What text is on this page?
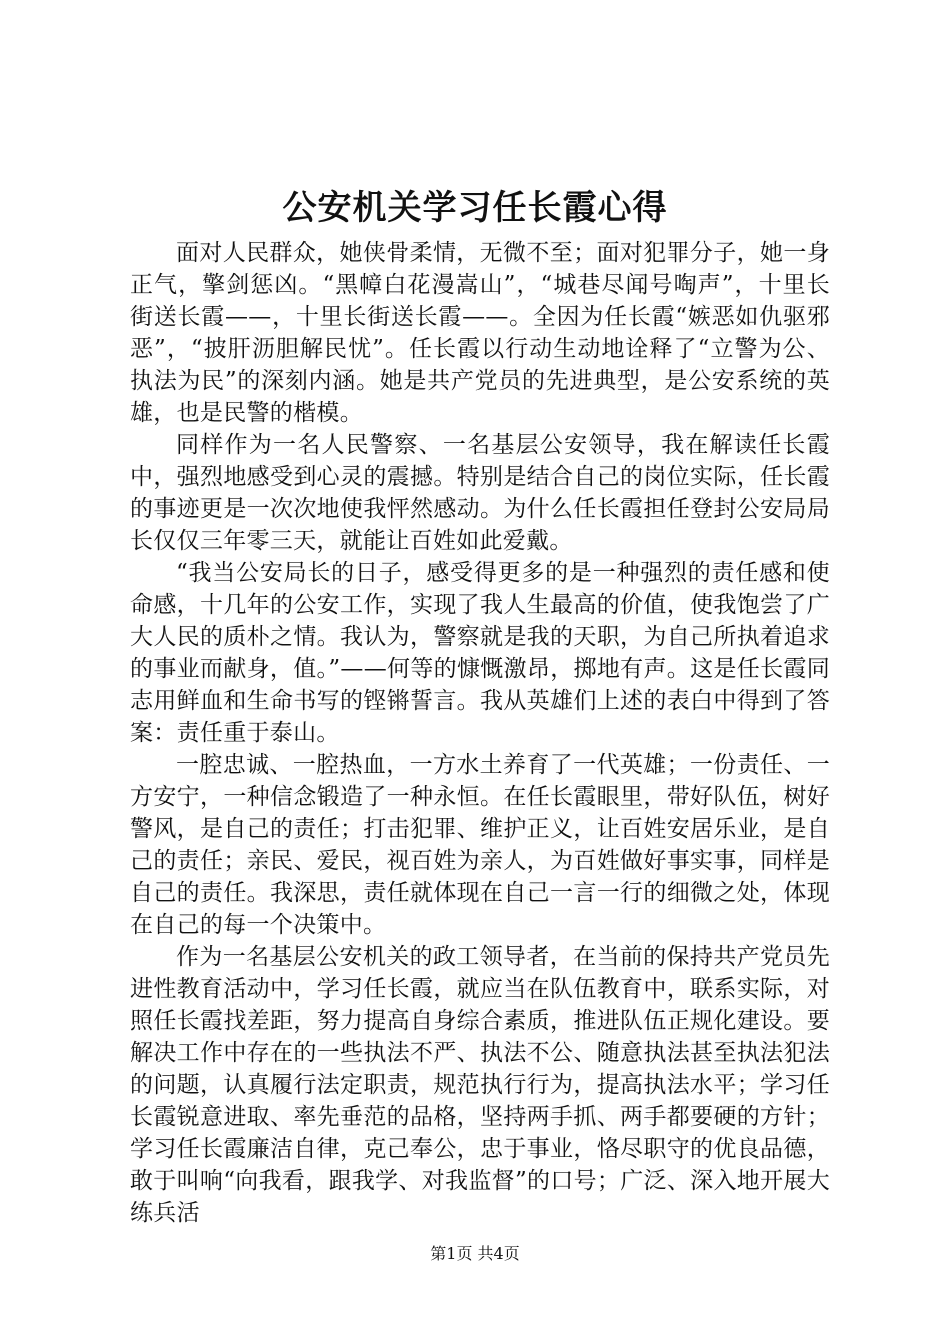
公安机关学习任长霞心得

面对人民群众，她侠骨柔情，无微不至；面对犯罪分子，她一身正气，擎剑惩凶。“黑幛白花漫嵩山”，“城巷尽闻号啕声”，十里长街送长霞——，十里长街送长霞——。全因为任长霞“嫉恶如仇驱邪恶”，“披肝沥胆解民忧”。任长霞以行动生动地诠释了“立警为公、执法为民”的深刻内涵。她是共产党员的先进典型，是公安系统的英雄，也是民警的楷模。

同样作为一名人民警察、一名基层公安领导，我在解读任长霞中，强烈地感受到心灵的震撼。特别是结合自己的岗位实际，任长霞的事迹更是一次次地使我怦然感动。为什么任长霞担任登封公安局局长仅仅三年零三天，就能让百姓如此爱戴。

“我当公安局长的日子，感受得更多的是一种强烈的责任感和使命感，十几年的公安工作，实现了我人生最高的价值，使我饱尝了广大人民的质朴之情。我认为，警察就是我的天职，为自己所执着追求的事业而献身，值。”——何等的慷慨激昂，掷地有声。这是任长霞同志用鲜血和生命书写的铿锵誓言。我从英雄们上述的表白中得到了答案：责任重于泰山。

一腔忠诚、一腔热血，一方水土养育了一代英雄；一份责任、一方安宁，一种信念锻造了一种永恒。在任长霞眼里，带好队伍，树好警风，是自己的责任；打击犯罪、维护正义，让百姓安居乐业，是自己的责任；亲民、爱民，视百姓为亲人，为百姓做好事实事，同样是自己的责任。我深思，责任就体现在自己一言一行的细微之处，体现在自己的每一个决策中。

作为一名基层公安机关的政工领导者，在当前的保持共产党员先进性教育活动中，学习任长霞，就应当在队伍教育中，联系实际，对照任长霞找差距，努力提高自身综合素质，推进队伍正规化建设。要解决工作中存在的一些执法不严、执法不公、随意执法甚至执法犯法的问题，认真履行法定职责，规范执行行为，提高执法水平；学习任长霞锐意进取、率先垂范的品格，坚持两手抓、两手都要硬的方针；学习任长霞廉洁自律，克己奉公，忠于事业，恪尽职守的优良品德，敢于叫响“向我看，跟我学、对我监督”的口号；广泛、深入地开展大练兵活

第1页 共4页
